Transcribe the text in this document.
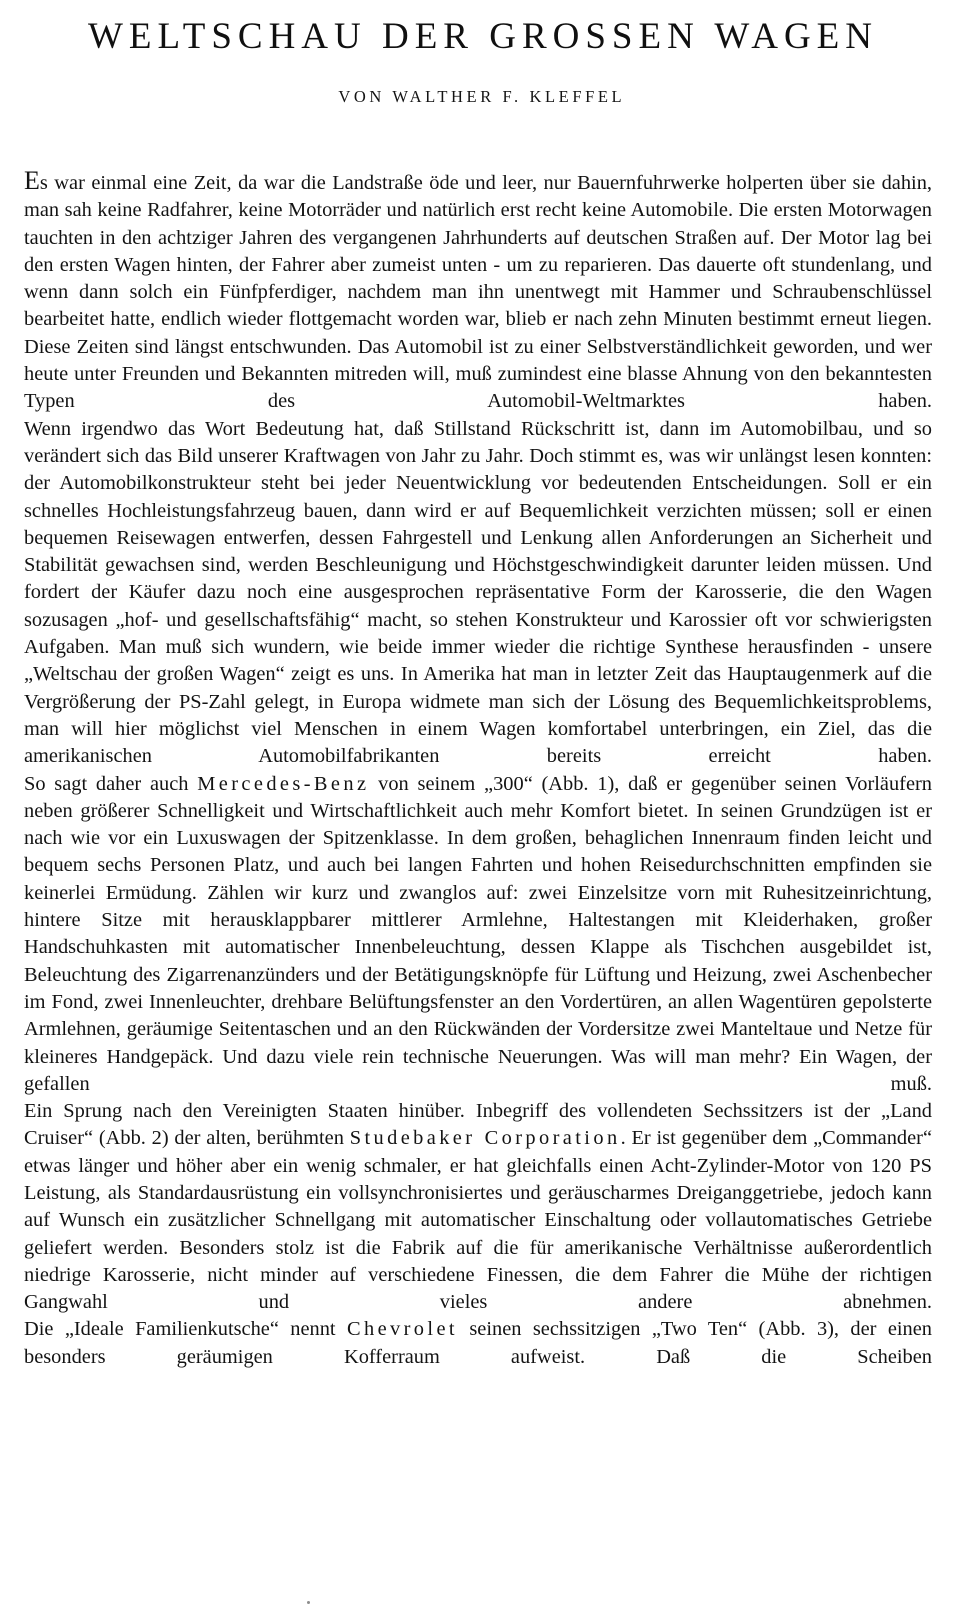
WELTSCHAU DER GROSSEN WAGEN

VON WALTHER F. KLEFFEL

Es war einmal eine Zeit, da war die Landstraße öde und leer, nur Bauernfuhrwerke holperten über sie dahin, man sah keine Radfahrer, keine Motorräder und natürlich erst recht keine Automobile. Die ersten Motorwagen tauchten in den achtziger Jahren des vergangenen Jahrhunderts auf deutschen Straßen auf. Der Motor lag bei den ersten Wagen hinten, der Fahrer aber zumeist unten - um zu reparieren. Das dauerte oft stundenlang, und wenn dann solch ein Fünfpferdiger, nachdem man ihn unentwegt mit Hammer und Schraubenschlüssel bearbeitet hatte, endlich wieder flottgemacht worden war, blieb er nach zehn Minuten bestimmt erneut liegen.

Diese Zeiten sind längst entschwunden. Das Automobil ist zu einer Selbstverständlichkeit geworden, und wer heute unter Freunden und Bekannten mitreden will, muß zumindest eine blasse Ahnung von den bekanntesten Typen des Automobil-Weltmarktes haben.

Wenn irgendwo das Wort Bedeutung hat, daß Stillstand Rückschritt ist, dann im Automobilbau, und so verändert sich das Bild unserer Kraftwagen von Jahr zu Jahr. Doch stimmt es, was wir unlängst lesen konnten: der Automobilkonstrukteur steht bei jeder Neuentwicklung vor bedeutenden Entscheidungen. Soll er ein schnelles Hochleistungsfahrzeug bauen, dann wird er auf Bequemlichkeit verzichten müssen; soll er einen bequemen Reisewagen entwerfen, dessen Fahrgestell und Lenkung allen Anforderungen an Sicherheit und Stabilität gewachsen sind, werden Beschleunigung und Höchstgeschwindigkeit darunter leiden müssen. Und fordert der Käufer dazu noch eine ausgesprochen repräsentative Form der Karosserie, die den Wagen sozusagen „hof- und gesellschaftsfähig“ macht, so stehen Konstrukteur und Karossier oft vor schwierigsten Aufgaben. Man muß sich wundern, wie beide immer wieder die richtige Synthese herausfinden - unsere „Weltschau der großen Wagen“ zeigt es uns. In Amerika hat man in letzter Zeit das Hauptaugenmerk auf die Vergrößerung der PS-Zahl gelegt, in Europa widmete man sich der Lösung des Bequemlichkeitsproblems, man will hier möglichst viel Menschen in einem Wagen komfortabel unterbringen, ein Ziel, das die amerikanischen Automobilfabrikanten bereits erreicht haben.

So sagt daher auch Mercedes-Benz von seinem „300“ (Abb. 1), daß er gegenüber seinen Vorläufern neben größerer Schnelligkeit und Wirtschaftlichkeit auch mehr Komfort bietet. In seinen Grundzügen ist er nach wie vor ein Luxuswagen der Spitzenklasse. In dem großen, behaglichen Innenraum finden leicht und bequem sechs Personen Platz, und auch bei langen Fahrten und hohen Reisedurchschnitten empfinden sie keinerlei Ermüdung. Zählen wir kurz und zwanglos auf: zwei Einzelsitze vorn mit Ruhesitzeinrichtung, hintere Sitze mit herausklappbarer mittlerer Armlehne, Haltestangen mit Kleiderhaken, großer Handschuhkasten mit automatischer Innenbeleuchtung, dessen Klappe als Tischchen ausgebildet ist, Beleuchtung des Zigarrenanzünders und der Betätigungsknöpfe für Lüftung und Heizung, zwei Aschenbecher im Fond, zwei Innenleuchter, drehbare Belüftungsfenster an den Vordertüren, an allen Wagentüren gepolsterte Armlehnen, geräumige Seitentaschen und an den Rückwänden der Vordersitze zwei Manteltaue und Netze für kleineres Handgepäck. Und dazu viele rein technische Neuerungen. Was will man mehr? Ein Wagen, der gefallen muß.

Ein Sprung nach den Vereinigten Staaten hinüber. Inbegriff des vollendeten Sechssitzers ist der „Land Cruiser“ (Abb. 2) der alten, berühmten Studebaker Corporation. Er ist gegenüber dem „Commander“ etwas länger und höher aber ein wenig schmaler, er hat gleichfalls einen Acht-Zylinder-Motor von 120 PS Leistung, als Standardausrüstung ein vollsynchronisiertes und geräuscharmes Dreiganggetriebe, jedoch kann auf Wunsch ein zusätzlicher Schnellgang mit automatischer Einschaltung oder vollautomatisches Getriebe geliefert werden. Besonders stolz ist die Fabrik auf die für amerikanische Verhältnisse außerordentlich niedrige Karosserie, nicht minder auf verschiedene Finessen, die dem Fahrer die Mühe der richtigen Gangwahl und vieles andere abnehmen.

Die „Ideale Familienkutsche“ nennt Chevrolet seinen sechssitzigen „Two Ten“ (Abb. 3), der einen besonders geräumigen Kofferraum aufweist. Daß die Scheiben
